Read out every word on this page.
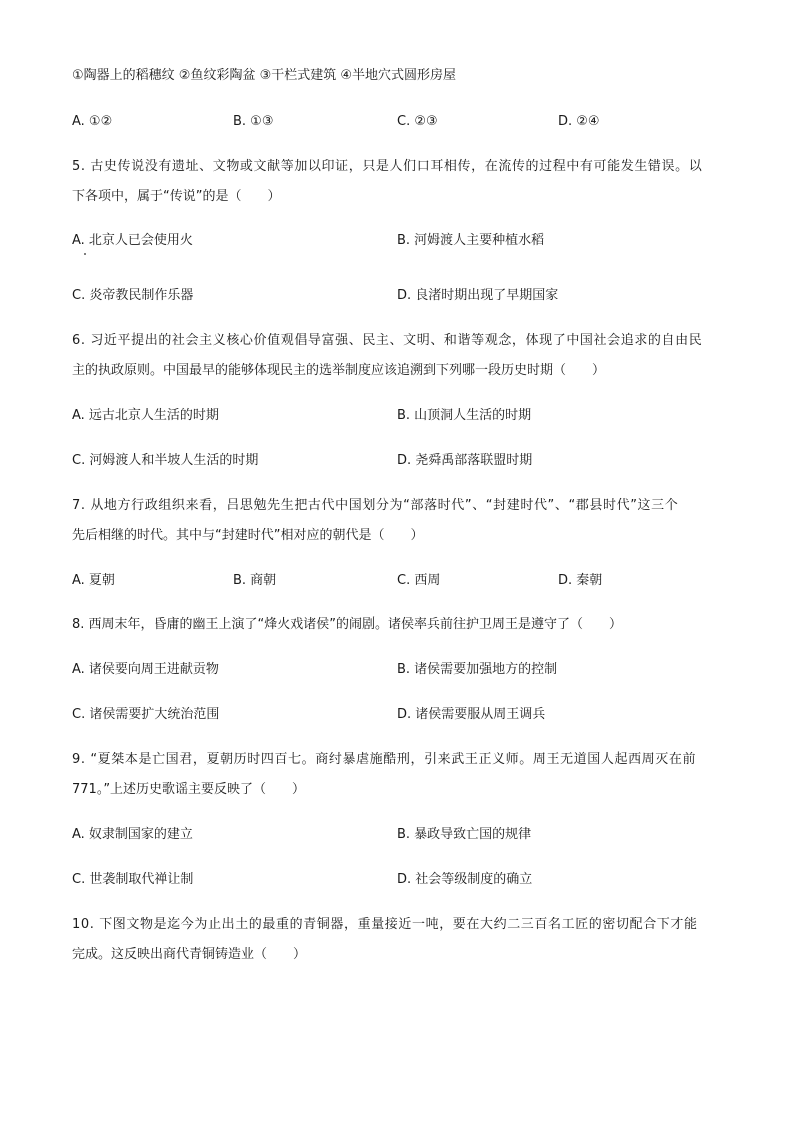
①陶器上的稻穗纹 ②鱼纹彩陶盆 ③干栏式建筑 ④半地穴式圆形房屋
A. ①②	B. ①③	C. ②③	D. ②④
5. 古史传说没有遗址、文物或文献等加以印证，只是人们口耳相传，在流传的过程中有可能发生错误。以
下各项中，属于“传说”的是（　　）
A. 北京人已会使用火	B. 河姆渡人主要种植水稻
C. 炎帝教民制作乐器	D. 良渚时期出现了早期国家
6. 习近平提出的社会主义核心价值观倡导富强、民主、文明、和谐等观念，体现了中国社会追求的自由民
主的执政原则。中国最早的能够体现民主的选举制度应该追溯到下列哪一段历史时期（　　）
A. 远古北京人生活的时期	B. 山顶洞人生活的时期
C. 河姆渡人和半坡人生活的时期	D. 尧舜禹部落联盟时期
7. 从地方行政组织来看，吕思勉先生把古代中国划分为“部落时代”、“封建时代”、“郡县时代”这三个
先后相继的时代。其中与“封建时代”相对应的朝代是（　　）
A. 夏朝	B. 商朝	C. 西周	D. 秦朝
8. 西周末年，昏庸的幽王上演了“烽火戏诸侯”的闹剧。诸侯率兵前往护卫周王是遵守了（　　）
A. 诸侯要向周王进献贡物	B. 诸侯需要加强地方的控制
C. 诸侯需要扩大统治范围	D. 诸侯需要服从周王调兵
9. “夏桀本是亡国君，夏朝历时四百七。商纣暴虐施酷刑，引来武王正义师。周王无道国人起西周灭在前
771。”上述历史歌谣主要反映了（　　）
A. 奴隶制国家的建立	B. 暴政导致亡国的规律
C. 世袭制取代禅让制	D. 社会等级制度的确立
10. 下图文物是迄今为止出土的最重的青铜器，重量接近一吨，要在大约二三百名工匠的密切配合下才能
完成。这反映出商代青铜铸造业（　　）
